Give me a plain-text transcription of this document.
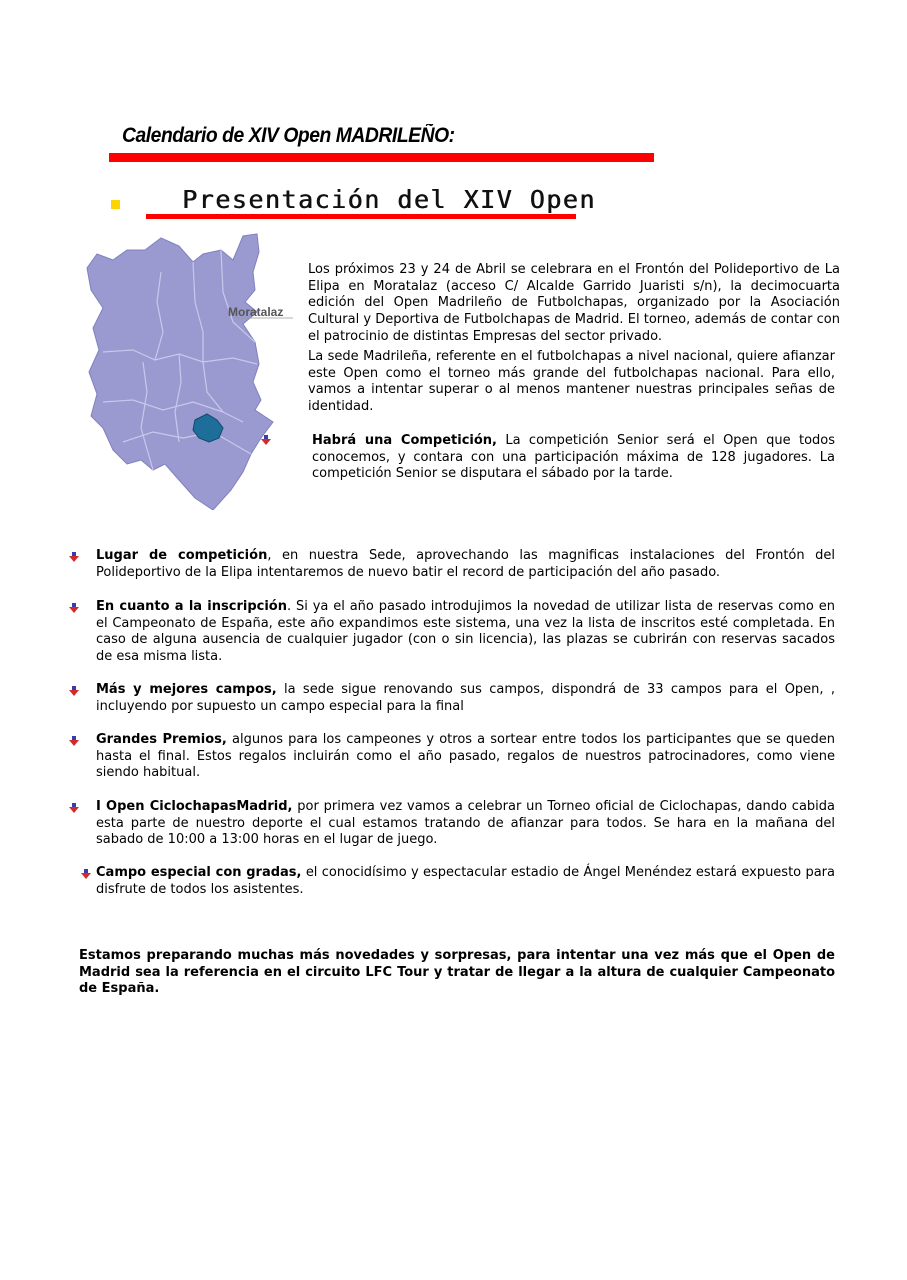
Calendario de XIV Open MADRILEÑO:
Presentación del XIV Open
Moratalaz

Los próximos 23 y 24 de Abril se celebrara en el Frontón del Polideportivo de La Elipa en Moratalaz (acceso C/ Alcalde Garrido Juaristi s/n), la decimocuarta edición del Open Madrileño de Futbolchapas, organizado por la Asociación Cultural y Deportiva de Futbolchapas de Madrid. El torneo, además de contar con el patrocinio de distintas Empresas del sector privado.

La sede Madrileña, referente en el futbolchapas a nivel nacional, quiere afianzar este Open como el torneo más grande del futbolchapas nacional. Para ello, vamos a intentar superar o al menos mantener nuestras principales señas de identidad.

Habrá una Competición, La competición Senior será el Open que todos conocemos, y contara con una participación máxima de 128 jugadores. La competición Senior se disputara el sábado por la tarde.

Lugar de competición, en nuestra Sede, aprovechando las magnificas instalaciones del Frontón del Polideportivo de la Elipa intentaremos de nuevo batir el record de participación del año pasado.

En cuanto a la inscripción. Si ya el año pasado introdujimos la novedad de utilizar lista de reservas como en el Campeonato de España, este año expandimos este sistema, una vez la lista de inscritos esté completada. En caso de alguna ausencia de cualquier jugador (con o sin licencia), las plazas se cubrirán con reservas sacados de esa misma lista.

Más y mejores campos, la sede sigue renovando sus campos, dispondrá de 33 campos para el Open, , incluyendo por supuesto un campo especial para la final

Grandes Premios, algunos para los campeones y otros a sortear entre todos los participantes que se queden hasta el final. Estos regalos incluirán como el año pasado, regalos de nuestros patrocinadores, como viene siendo habitual.

I Open CiclochapasMadrid, por primera vez vamos a celebrar un Torneo oficial de Ciclochapas, dando cabida esta parte de nuestro deporte el cual estamos tratando de afianzar para todos. Se hara en la mañana del sabado de 10:00 a 13:00 horas en el lugar de juego.

Campo especial con gradas, el conocidísimo y espectacular estadio de Ángel Menéndez estará expuesto para disfrute de todos los asistentes.

Estamos preparando muchas más novedades y sorpresas, para intentar una vez más que el Open de Madrid sea la referencia en el circuito LFC Tour y tratar de llegar a la altura de cualquier Campeonato de España.
